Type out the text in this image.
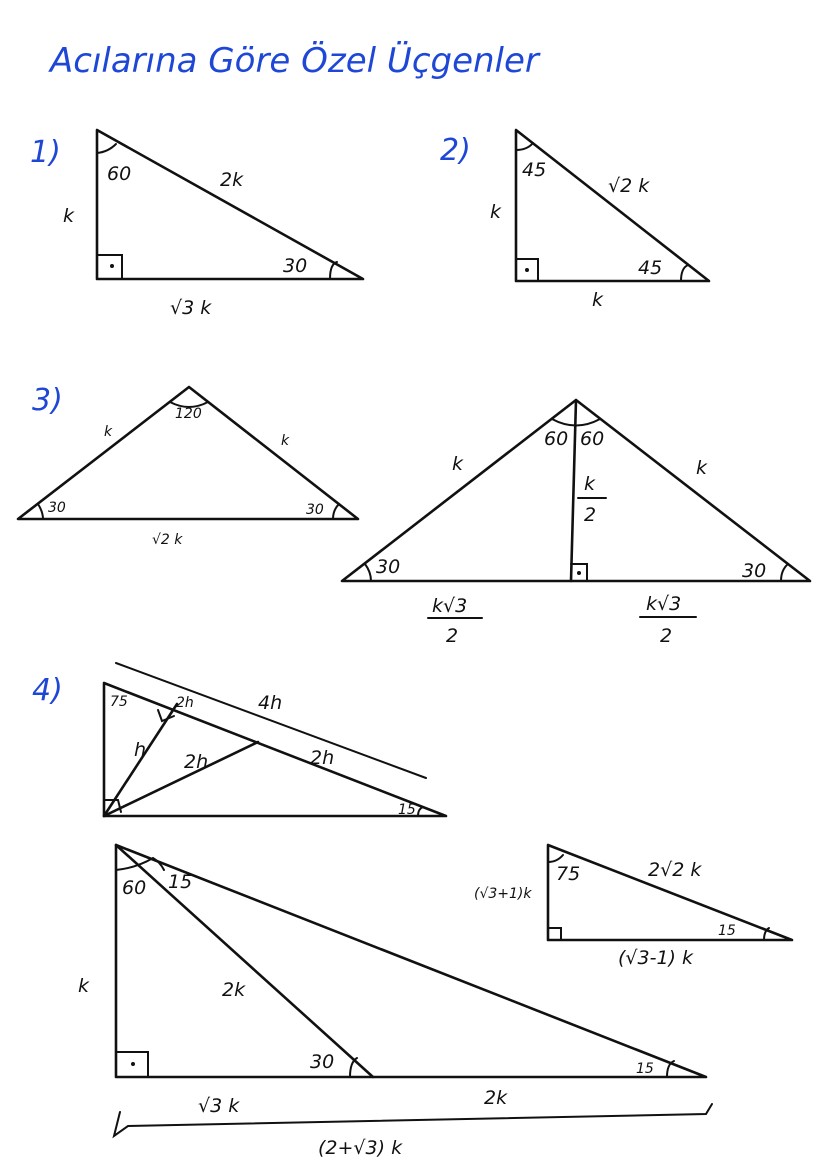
Acılarına Göre Özel Üçgenler
1)
60
30
k
2k
√3 k
2)
45
45
k
√2 k
k
3)	120
30	30
k
k
√2 k
60 60
30	30
k	k
k
2
k√3
2
k√3
2
4)	75
15
2h	4h
2h
h
2h
60 15
30	15
k	2k
√3 k	2k
(2+√3) k
75
15
(√3+1)k
2√2 k
(√3-1) k
